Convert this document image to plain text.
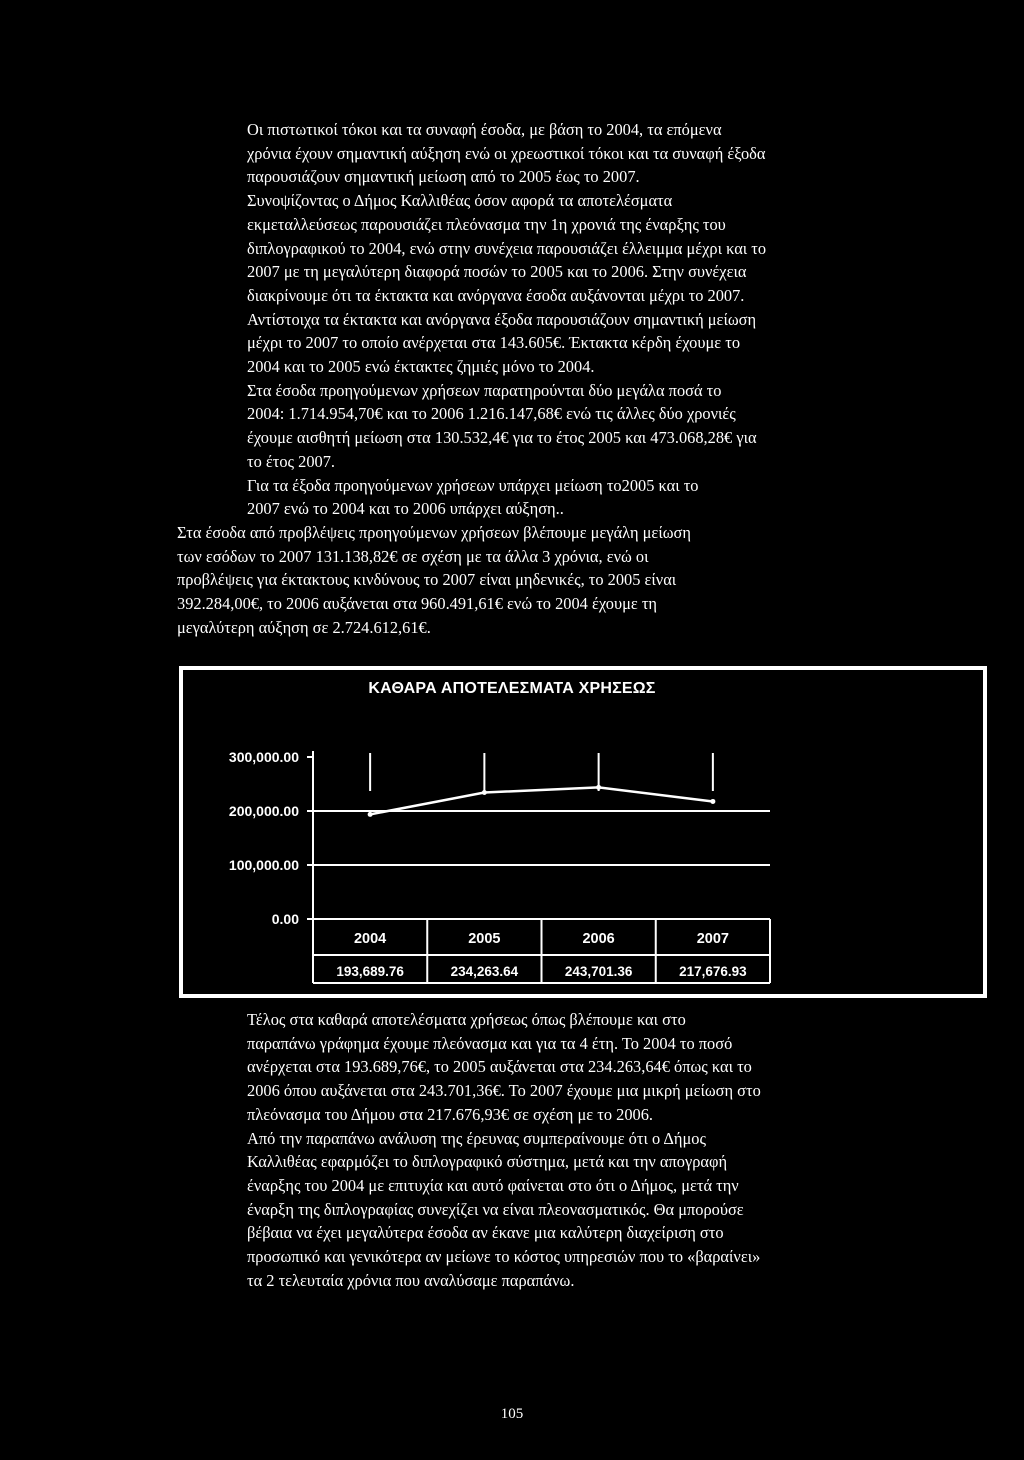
Οι πιστωτικοί τόκοι και τα συναφή έσοδα, με βάση το 2004, τα επόμενα
χρόνια έχουν σημαντική αύξηση ενώ οι χρεωστικοί τόκοι και τα συναφή έξοδα
παρουσιάζουν σημαντική μείωση από το 2005 έως το 2007.

Συνοψίζοντας ο Δήμος Καλλιθέας όσον αφορά τα αποτελέσματα
εκμεταλλεύσεως παρουσιάζει πλεόνασμα την 1η χρονιά της έναρξης του
διπλογραφικού το 2004, ενώ στην συνέχεια παρουσιάζει έλλειμμα μέχρι και το
2007 με τη μεγαλύτερη διαφορά ποσών το 2005 και το 2006. Στην συνέχεια
διακρίνουμε ότι τα έκτακτα και ανόργανα έσοδα αυξάνονται μέχρι το 2007.
Αντίστοιχα τα έκτακτα και ανόργανα έξοδα παρουσιάζουν σημαντική μείωση
μέχρι το 2007 το οποίο ανέρχεται στα 143.605€. Έκτακτα κέρδη έχουμε το
2004 και το 2005 ενώ έκτακτες ζημιές μόνο το 2004.

Στα έσοδα προηγούμενων χρήσεων παρατηρούνται δύο μεγάλα ποσά το
2004: 1.714.954,70€ και το 2006 1.216.147,68€ ενώ τις άλλες δύο χρονιές
έχουμε αισθητή μείωση στα 130.532,4€ για το έτος 2005 και 473.068,28€ για
το έτος 2007.

Για τα έξοδα προηγούμενων χρήσεων υπάρχει μείωση το2005 και το
2007 ενώ το 2004 και το 2006 υπάρχει αύξηση..

Στα έσοδα από προβλέψεις προηγούμενων χρήσεων βλέπουμε μεγάλη μείωση
των εσόδων το 2007 131.138,82€ σε σχέση με τα άλλα 3 χρόνια, ενώ οι
προβλέψεις για έκτακτους κινδύνους το 2007 είναι μηδενικές, το 2005 είναι
392.284,00€, το 2006 αυξάνεται στα 960.491,61€ ενώ το 2004 έχουμε τη
μεγαλύτερη αύξηση σε 2.724.612,61€.

ΚΑΘΑΡΑ ΑΠΟΤΕΛΕΣΜΑΤΑ ΧΡΗΣΕΩΣ
300,000.00
200,000.00
100,000.00
0.00
2004	2005	2006	2007
193,689.76	234,263.64	243,701.36	217,676.93

Τέλος στα καθαρά αποτελέσματα χρήσεως όπως βλέπουμε και στο
παραπάνω γράφημα έχουμε πλεόνασμα και για τα 4 έτη. Το 2004 το ποσό
ανέρχεται στα 193.689,76€, το 2005 αυξάνεται στα 234.263,64€ όπως και το
2006 όπου αυξάνεται στα 243.701,36€. Το 2007 έχουμε μια μικρή μείωση στο
πλεόνασμα του Δήμου στα 217.676,93€ σε σχέση με το 2006.

Από την παραπάνω ανάλυση της έρευνας συμπεραίνουμε ότι ο Δήμος
Καλλιθέας εφαρμόζει το διπλογραφικό σύστημα, μετά και την απογραφή
έναρξης του 2004 με επιτυχία και αυτό φαίνεται στο ότι ο Δήμος, μετά την
έναρξη της διπλογραφίας συνεχίζει να είναι πλεονασματικός. Θα μπορούσε
βέβαια να έχει μεγαλύτερα έσοδα αν έκανε μια καλύτερη διαχείριση στο
προσωπικό και γενικότερα αν μείωνε το κόστος υπηρεσιών που το «βαραίνει»
τα 2 τελευταία χρόνια που αναλύσαμε παραπάνω.

105
